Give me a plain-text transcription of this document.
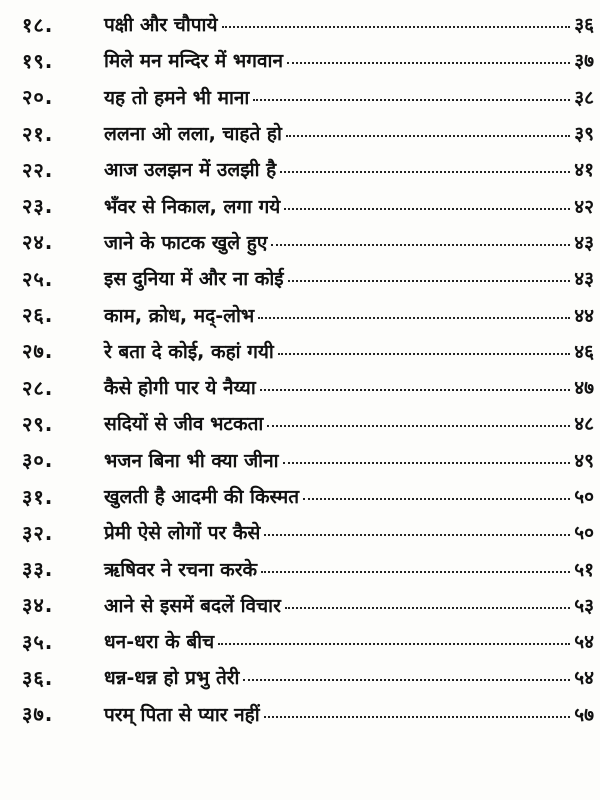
१८.	पक्षी और चौपाये	३६
१९.	मिले मन मन्दिर में भगवान	३७
२०.	यह तो हमने भी माना	३८
२१.	ललना ओ लला, चाहते हो	३९
२२.	आज उलझन में उलझी है	४१
२३.	भँवर से निकाल, लगा गये	४२
२४.	जाने के फाटक खुले हुए	४३
२५.	इस दुनिया में और ना कोई	४३
२६.	काम, क्रोध, मद्-लोभ	४४
२७.	रे बता दे कोई, कहां गयी	४६
२८.	कैसे होगी पार ये नैय्या	४७
२९.	सदियों से जीव भटकता	४८
३०.	भजन बिना भी क्या जीना	४९
३१.	खुलती है आदमी की किस्मत	५०
३२.	प्रेमी ऐसे लोगों पर कैसे	५०
३३.	ऋषिवर ने रचना करके	५१
३४.	आने से इसमें बदलें विचार	५३
३५.	धन-धरा के बीच	५४
३६.	धन्न-धन्न हो प्रभु तेरी	५४
३७.	परम् पिता से प्यार नहीं	५७
